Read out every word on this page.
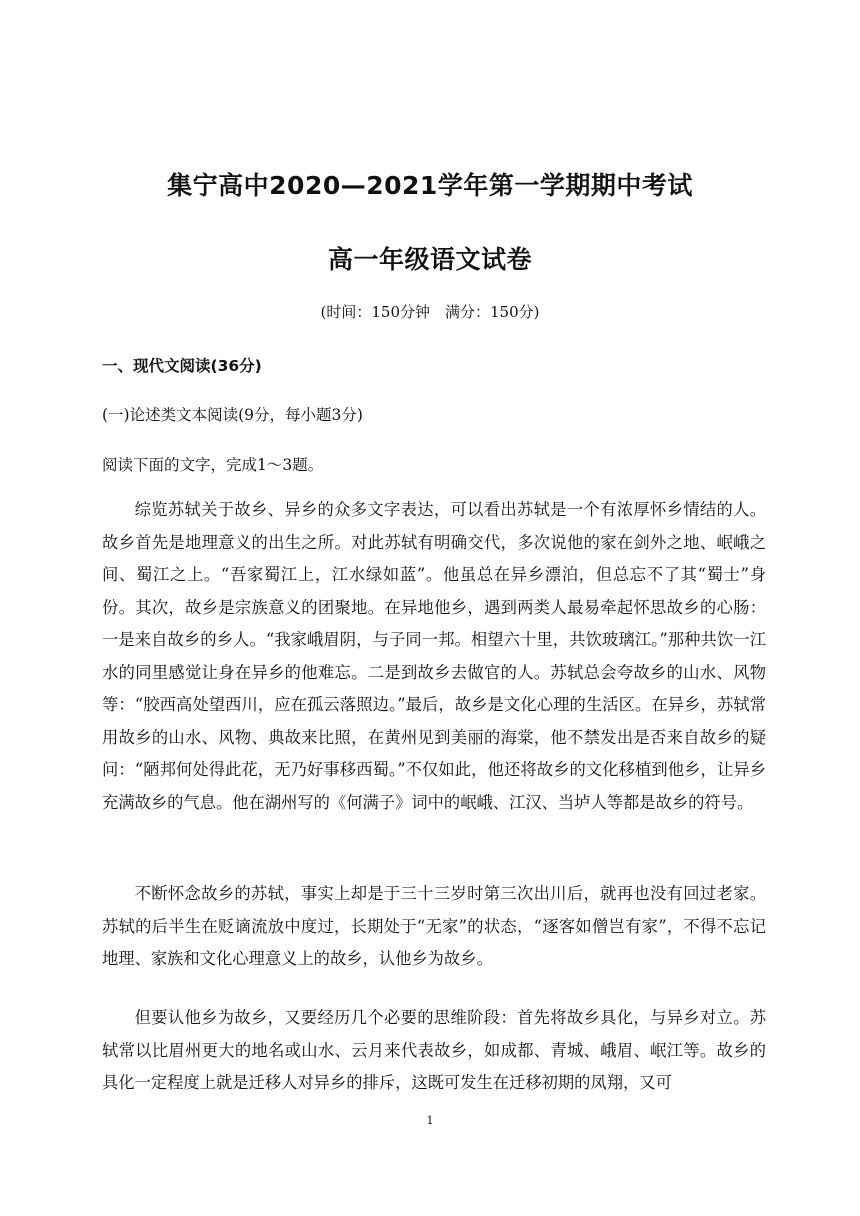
集宁高中2020—2021学年第一学期期中考试
高一年级语文试卷
(时间：150分钟　满分：150分)
一、现代文阅读(36分)
(一)论述类文本阅读(9分，每小题3分)
阅读下面的文字，完成1～3题。

综览苏轼关于故乡、异乡的众多文字表达，可以看出苏轼是一个有浓厚怀乡情结的人。故乡首先是地理意义的出生之所。对此苏轼有明确交代，多次说他的家在剑外之地、岷峨之间、蜀江之上。“吾家蜀江上，江水绿如蓝”。他虽总在异乡漂泊，但总忘不了其“蜀士”身份。其次，故乡是宗族意义的团聚地。在异地他乡，遇到两类人最易牵起怀思故乡的心肠：一是来自故乡的乡人。“我家峨眉阴，与子同一邦。相望六十里，共饮玻璃江。”那种共饮一江水的同里感觉让身在异乡的他难忘。二是到故乡去做官的人。苏轼总会夸故乡的山水、风物等：“胶西高处望西川，应在孤云落照边。”最后，故乡是文化心理的生活区。在异乡，苏轼常用故乡的山水、风物、典故来比照，在黄州见到美丽的海棠，他不禁发出是否来自故乡的疑问：“陋邦何处得此花，无乃好事移西蜀。”不仅如此，他还将故乡的文化移植到他乡，让异乡充满故乡的气息。他在湖州写的《何满子》词中的岷峨、江汉、当垆人等都是故乡的符号。

不断怀念故乡的苏轼，事实上却是于三十三岁时第三次出川后，就再也没有回过老家。苏轼的后半生在贬谪流放中度过，长期处于“无家”的状态，“逐客如僧岂有家”，不得不忘记地理、家族和文化心理意义上的故乡，认他乡为故乡。

但要认他乡为故乡，又要经历几个必要的思维阶段：首先将故乡具化，与异乡对立。苏轼常以比眉州更大的地名或山水、云月来代表故乡，如成都、青城、峨眉、岷江等。故乡的具化一定程度上就是迁移人对异乡的排斥，这既可发生在迁移初期的凤翔，又可

1
